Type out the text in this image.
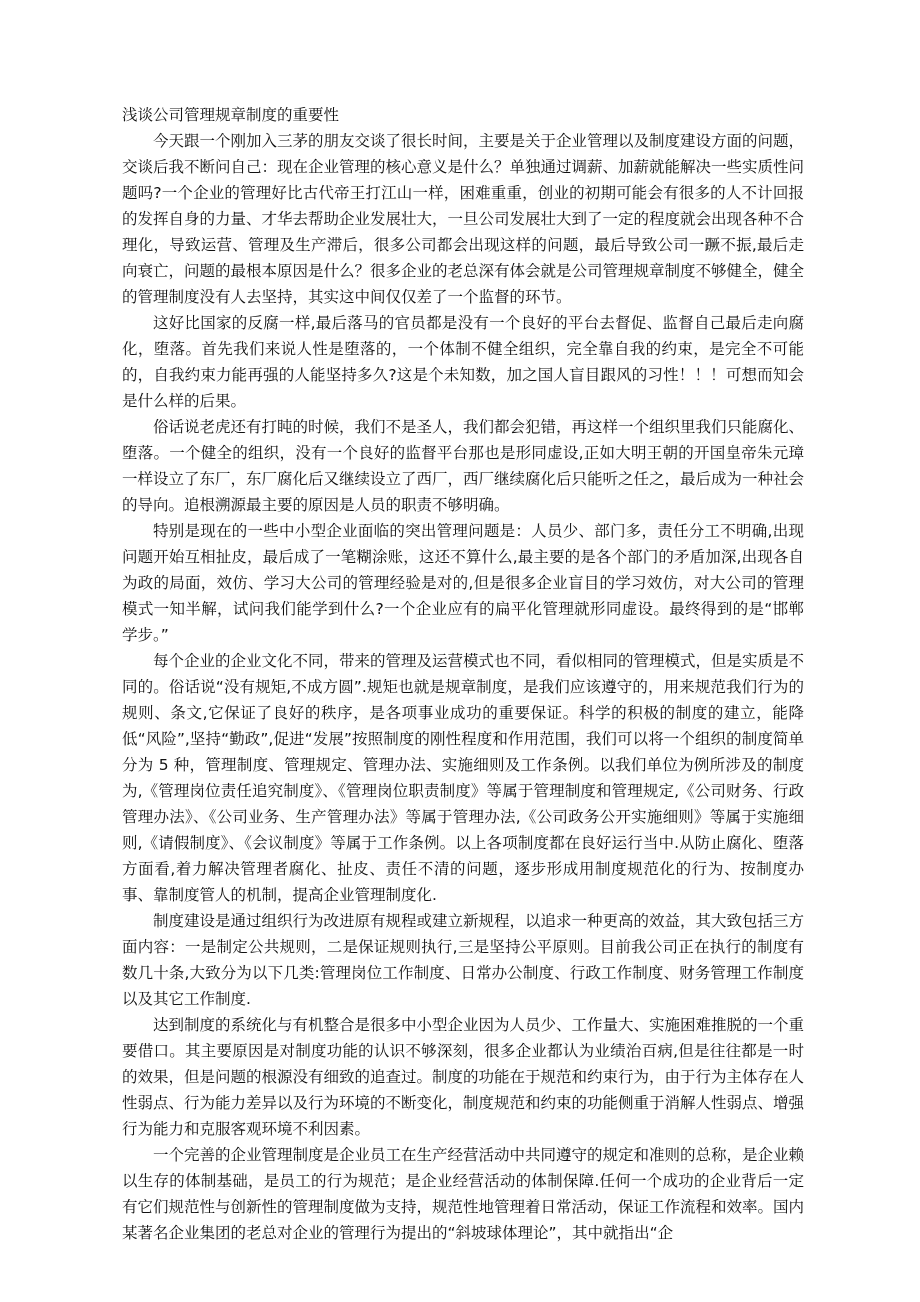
浅谈公司管理规章制度的重要性

今天跟一个刚加入三茅的朋友交谈了很长时间，主要是关于企业管理以及制度建设方面的问题，交谈后我不断问自己：现在企业管理的核心意义是什么？单独通过调薪、加薪就能解决一些实质性问题吗?一个企业的管理好比古代帝王打江山一样，困难重重，创业的初期可能会有很多的人不计回报的发挥自身的力量、才华去帮助企业发展壮大，一旦公司发展壮大到了一定的程度就会出现各种不合理化，导致运营、管理及生产滞后，很多公司都会出现这样的问题，最后导致公司一蹶不振,最后走向衰亡，问题的最根本原因是什么？很多企业的老总深有体会就是公司管理规章制度不够健全，健全的管理制度没有人去坚持，其实这中间仅仅差了一个监督的环节。

这好比国家的反腐一样,最后落马的官员都是没有一个良好的平台去督促、监督自己最后走向腐化，堕落。首先我们来说人性是堕落的，一个体制不健全组织，完全靠自我的约束，是完全不可能的，自我约束力能再强的人能坚持多久?这是个未知数，加之国人盲目跟风的习性！！！可想而知会是什么样的后果。

俗话说老虎还有打盹的时候，我们不是圣人，我们都会犯错，再这样一个组织里我们只能腐化、堕落。一个健全的组织，没有一个良好的监督平台那也是形同虚设,正如大明王朝的开国皇帝朱元璋一样设立了东厂，东厂腐化后又继续设立了西厂，西厂继续腐化后只能听之任之，最后成为一种社会的导向。追根溯源最主要的原因是人员的职责不够明确。

特别是现在的一些中小型企业面临的突出管理问题是：人员少、部门多，责任分工不明确,出现问题开始互相扯皮，最后成了一笔糊涂账，这还不算什么,最主要的是各个部门的矛盾加深,出现各自为政的局面，效仿、学习大公司的管理经验是对的,但是很多企业盲目的学习效仿，对大公司的管理模式一知半解，试问我们能学到什么?一个企业应有的扁平化管理就形同虚设。最终得到的是“邯郸学步。”

每个企业的企业文化不同，带来的管理及运营模式也不同，看似相同的管理模式，但是实质是不同的。俗话说“没有规矩,不成方圆”.规矩也就是规章制度，是我们应该遵守的，用来规范我们行为的规则、条文,它保证了良好的秩序，是各项事业成功的重要保证。科学的积极的制度的建立，能降低“风险”,坚持“勤政”,促进“发展”按照制度的刚性程度和作用范围，我们可以将一个组织的制度简单分为 5 种，管理制度、管理规定、管理办法、实施细则及工作条例。以我们单位为例所涉及的制度为,《管理岗位责任追究制度》、《管理岗位职责制度》等属于管理制度和管理规定,《公司财务、行政管理办法》、《公司业务、生产管理办法》等属于管理办法,《公司政务公开实施细则》等属于实施细则,《请假制度》、《会议制度》等属于工作条例。以上各项制度都在良好运行当中.从防止腐化、堕落方面看,着力解决管理者腐化、扯皮、责任不清的问题，逐步形成用制度规范化的行为、按制度办事、靠制度管人的机制，提高企业管理制度化.

制度建设是通过组织行为改进原有规程或建立新规程，以追求一种更高的效益，其大致包括三方面内容：一是制定公共规则，二是保证规则执行,三是坚持公平原则。目前我公司正在执行的制度有数几十条,大致分为以下几类:管理岗位工作制度、日常办公制度、行政工作制度、财务管理工作制度以及其它工作制度.

达到制度的系统化与有机整合是很多中小型企业因为人员少、工作量大、实施困难推脱的一个重要借口。其主要原因是对制度功能的认识不够深刻，很多企业都认为业绩治百病,但是往往都是一时的效果，但是问题的根源没有细致的追查过。制度的功能在于规范和约束行为，由于行为主体存在人性弱点、行为能力差异以及行为环境的不断变化，制度规范和约束的功能侧重于消解人性弱点、增强行为能力和克服客观环境不利因素。

一个完善的企业管理制度是企业员工在生产经营活动中共同遵守的规定和准则的总称，是企业赖以生存的体制基础，是员工的行为规范；是企业经营活动的体制保障.任何一个成功的企业背后一定有它们规范性与创新性的管理制度做为支持，规范性地管理着日常活动，保证工作流程和效率。国内某著名企业集团的老总对企业的管理行为提出的“斜坡球体理论”，其中就指出“企
